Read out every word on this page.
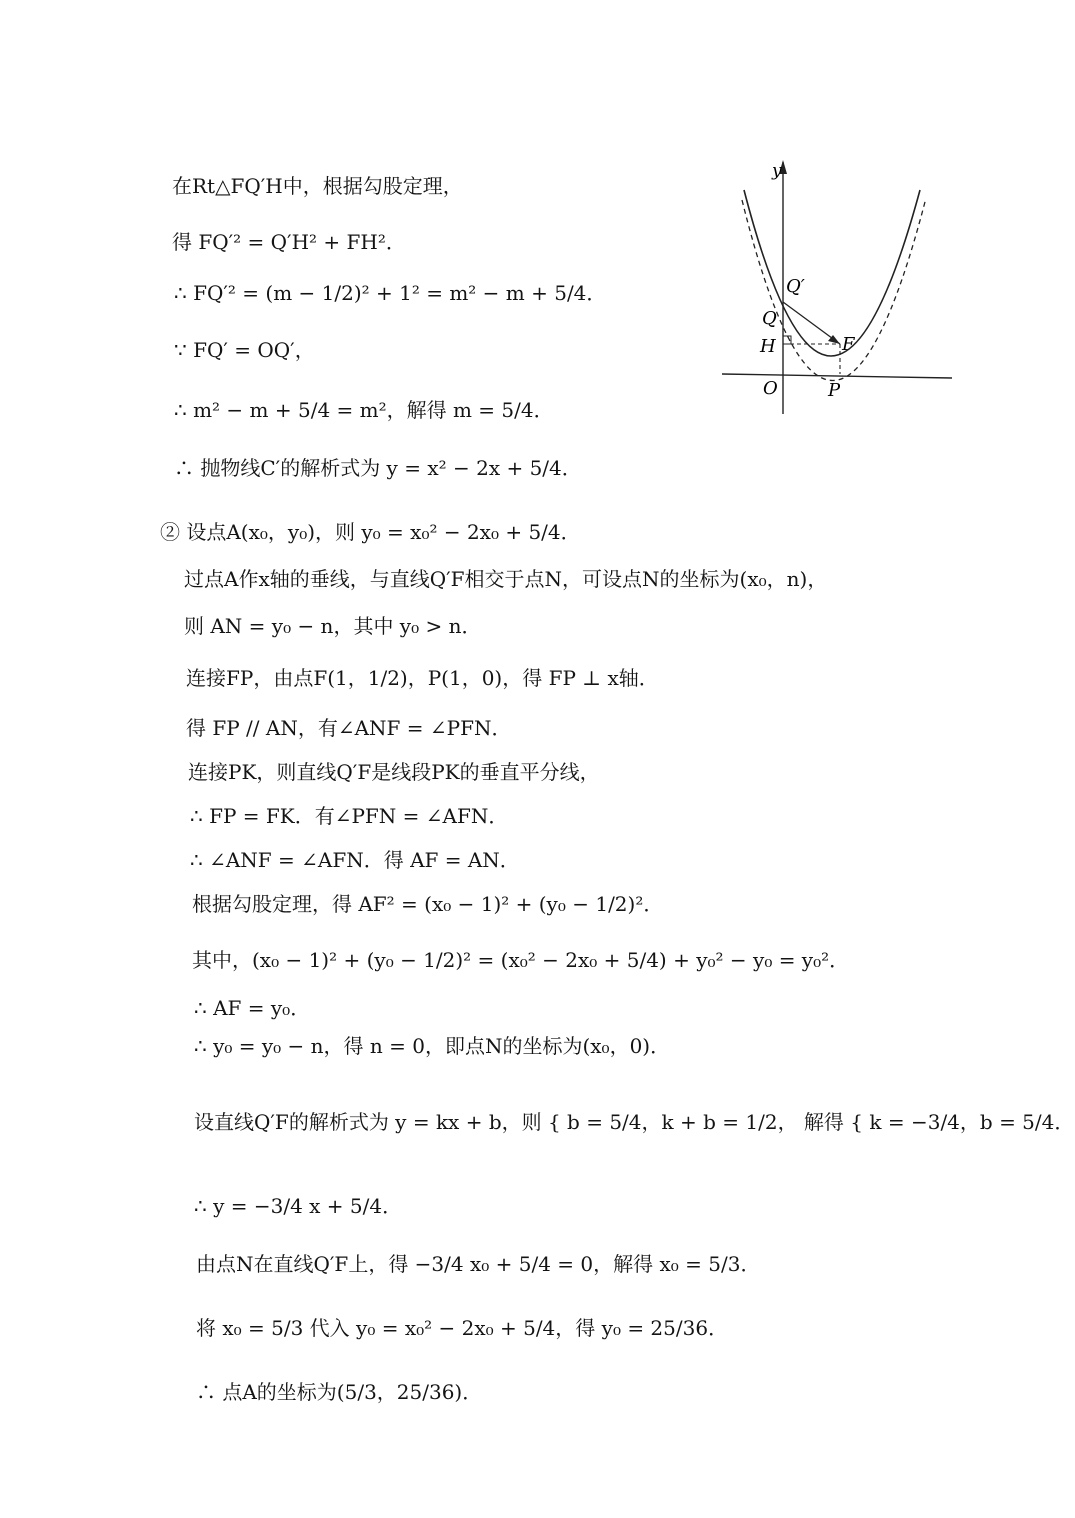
在Rt△FQ′H中，根据勾股定理，
得 FQ′² = Q′H² + FH²．
∴ FQ′² = (m − 1/2)² + 1² = m² − m + 5/4．
∵ FQ′ = OQ′，
∴ m² − m + 5/4 = m²，解得 m = 5/4．
∴ 抛物线C′的解析式为 y = x² − 2x + 5/4．
② 设点A(x₀，y₀)，则 y₀ = x₀² − 2x₀ + 5/4．
过点A作x轴的垂线，与直线Q′F相交于点N，可设点N的坐标为(x₀，n)，
则 AN = y₀ − n，其中 y₀ > n．
连接FP，由点F(1，1/2)，P(1，0)，得 FP ⊥ x轴．
得 FP // AN，有∠ANF = ∠PFN．
连接PK，则直线Q′F是线段PK的垂直平分线，
∴ FP = FK．有∠PFN = ∠AFN．
∴ ∠ANF = ∠AFN．得 AF = AN．
根据勾股定理，得 AF² = (x₀ − 1)² + (y₀ − 1/2)²．
其中，(x₀ − 1)² + (y₀ − 1/2)² = (x₀² − 2x₀ + 5/4) + y₀² − y₀ = y₀²．
∴ AF = y₀．
∴ y₀ = y₀ − n，得 n = 0，即点N的坐标为(x₀，0)．
设直线Q′F的解析式为 y = kx + b，则 { b = 5/4，k + b = 1/2， 解得 { k = −3/4，b = 5/4．
∴ y = −3/4 x + 5/4．
由点N在直线Q′F上，得 −3/4 x₀ + 5/4 = 0，解得 x₀ = 5/3．
将 x₀ = 5/3 代入 y₀ = x₀² − 2x₀ + 5/4，得 y₀ = 25/36．
∴ 点A的坐标为(5/3，25/36)．
y
O
Q′
Q
H	F
P
